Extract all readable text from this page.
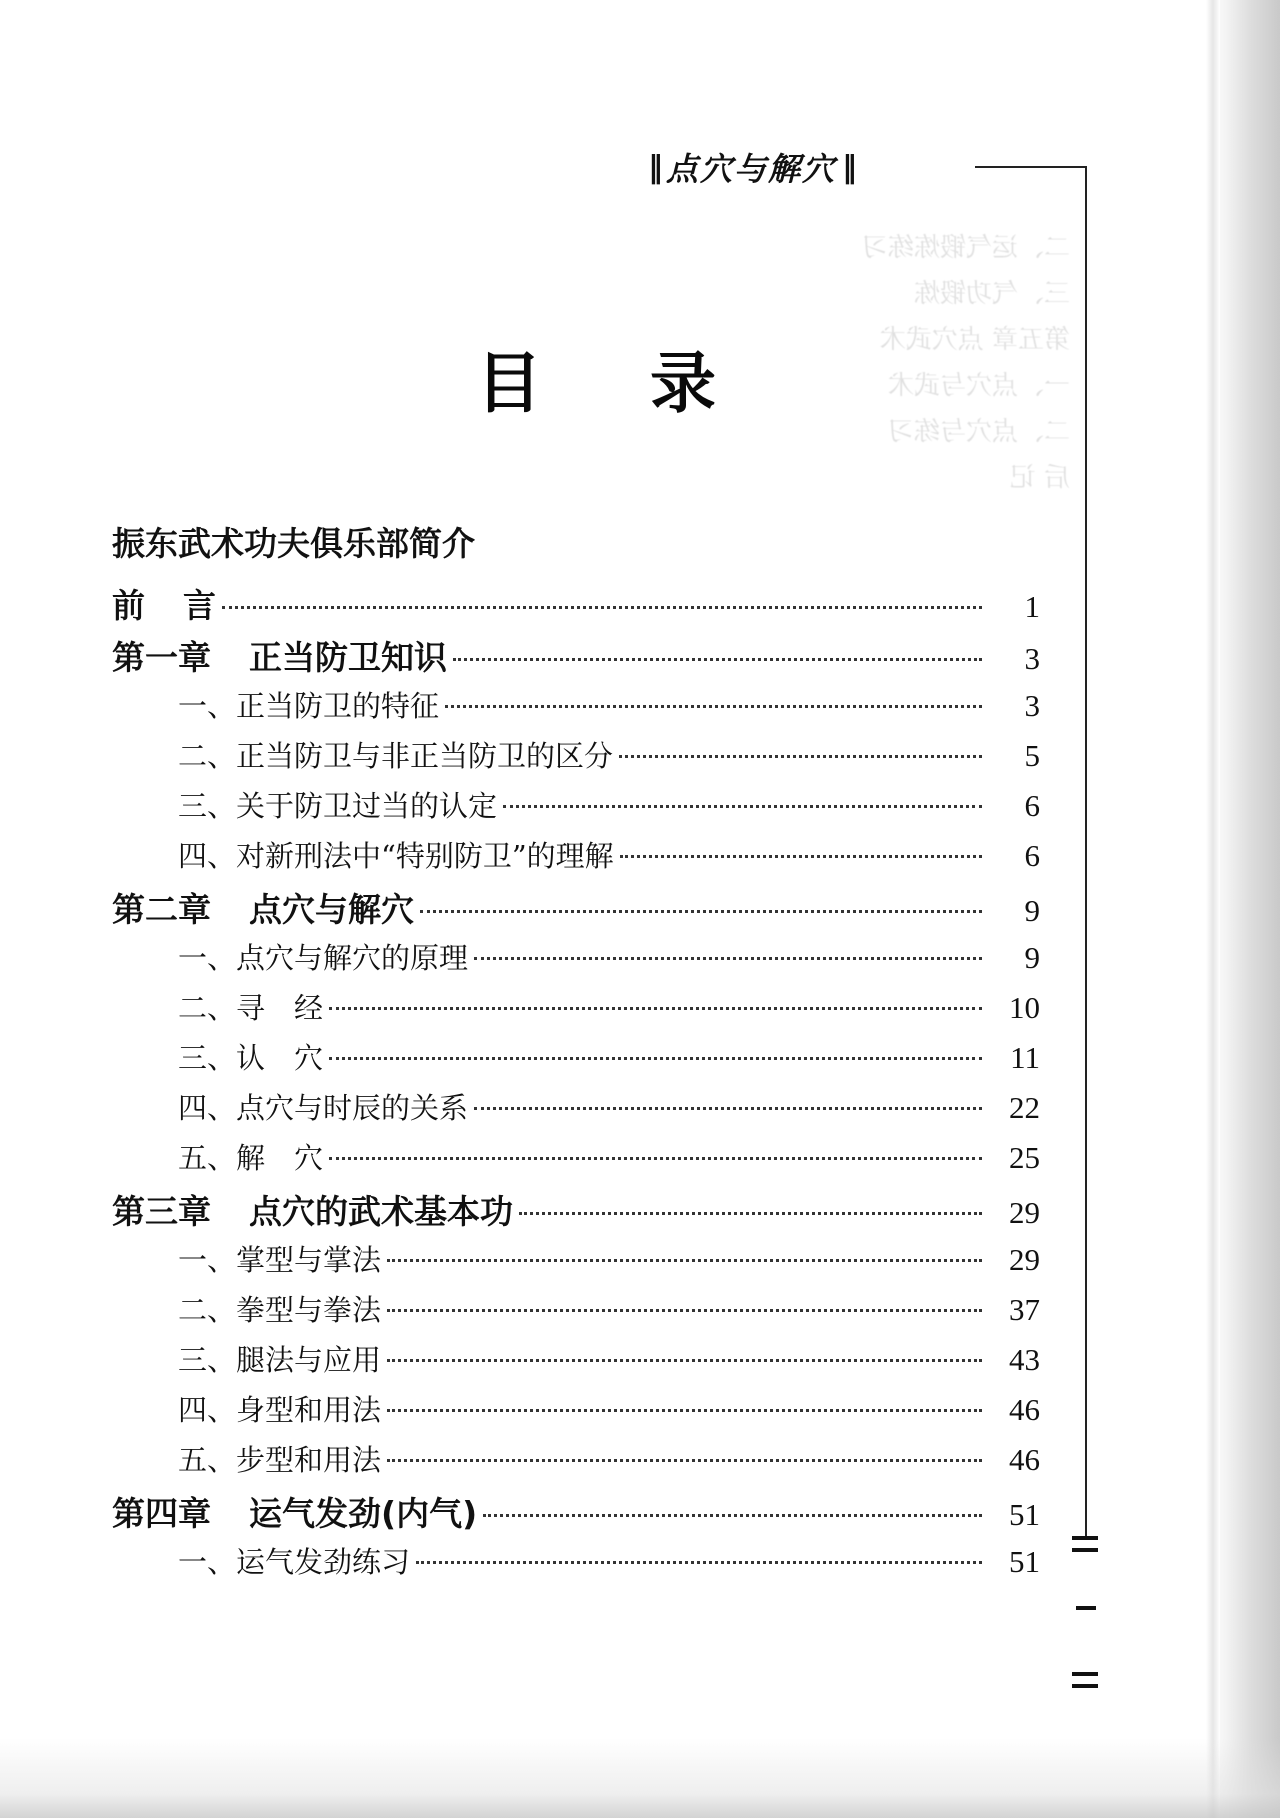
二、运气锻炼练习
三、气功锻炼
第五章 点穴武术
一、点穴与武术
二、点穴与练习
后 记
‖ 点穴与解穴 ‖
目 录
振东武术功夫俱乐部简介
前 言	1
第一章 正当防卫知识	3
一、正当防卫的特征	3
二、正当防卫与非正当防卫的区分	5
三、关于防卫过当的认定	6
四、对新刑法中“特别防卫”的理解	6
第二章 点穴与解穴	9
一、点穴与解穴的原理	9
二、寻　经	10
三、认　穴	11
四、点穴与时辰的关系	22
五、解　穴	25
第三章 点穴的武术基本功	29
一、掌型与掌法	29
二、拳型与拳法	37
三、腿法与应用	43
四、身型和用法	46
五、步型和用法	46
第四章 运气发劲(内气)	51
一、运气发劲练习	51
